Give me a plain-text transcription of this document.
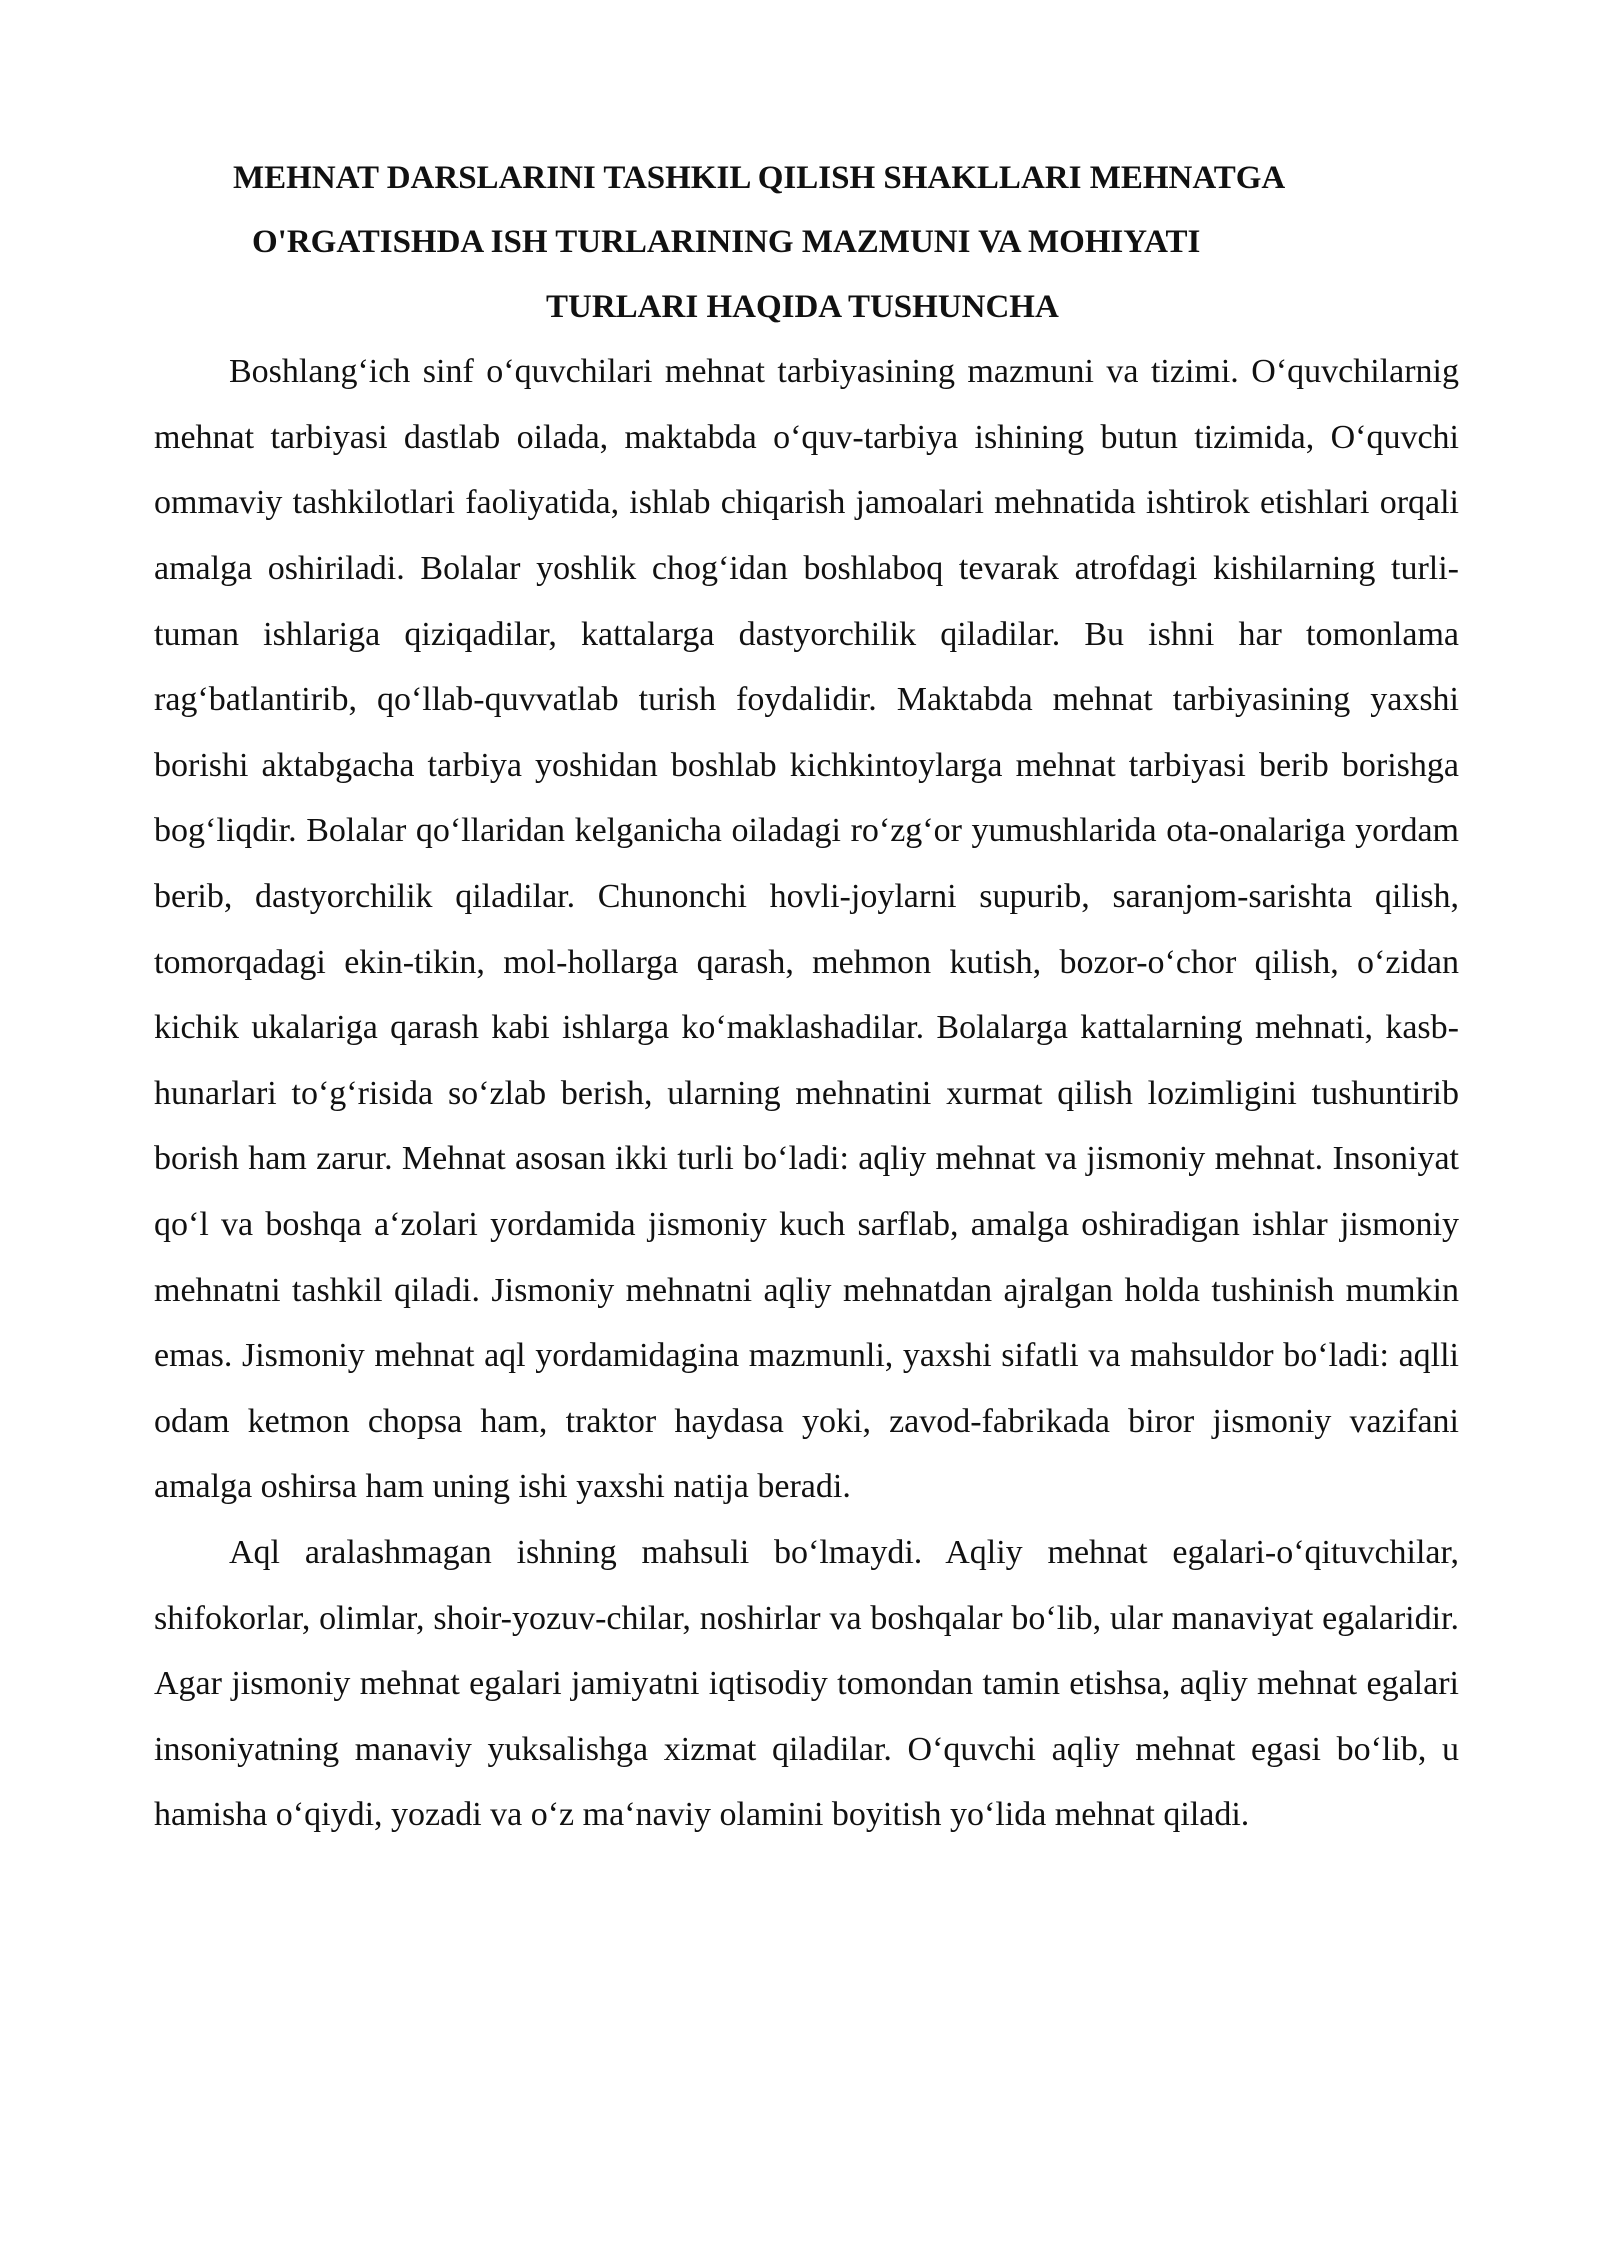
MEHNAT DARSLARINI TASHKIL QILISH SHAKLLARI MEHNATGA
O'RGATISHDA ISH TURLARINING MAZMUNI VA MOHIYATI
TURLARI HAQIDA TUSHUNCHA

Boshlang‘ich sinf o‘quvchilari mehnat tarbiyasining mazmuni va tizimi. O‘quvchilarnig mehnat tarbiyasi dastlab oilada, maktabda o‘quv-tarbiya ishining butun tizimida, O‘quvchi ommaviy tashkilotlari faoliyatida, ishlab chiqarish jamoalari mehnatida ishtirok etishlari orqali amalga oshiriladi. Bolalar yoshlik chog‘idan boshlaboq tevarak atrofdagi kishilarning turli-tuman ishlariga qiziqadilar, kattalarga dastyorchilik qiladilar. Bu ishni har tomonlama rag‘batlantirib, qo‘llab-quvvatlab turish foydalidir. Maktabda mehnat tarbiyasining yaxshi borishi aktabgacha tarbiya yoshidan boshlab kichkintoylarga mehnat tarbiyasi berib borishga bog‘liqdir. Bolalar qo‘llaridan kelganicha oiladagi ro‘zg‘or yumushlarida ota-onalariga yordam berib, dastyorchilik qiladilar. Chunonchi hovli-joylarni supurib, saranjom-sarishta qilish, tomorqadagi ekin-tikin, mol-hollarga qarash, mehmon kutish, bozor-o‘chor qilish, o‘zidan kichik ukalariga qarash kabi ishlarga ko‘maklashadilar. Bolalarga kattalarning mehnati, kasb-hunarlari to‘g‘risida so‘zlab berish, ularning mehnatini xurmat qilish lozimligini tushuntirib borish ham zarur. Mehnat asosan ikki turli bo‘ladi: aqliy mehnat va jismoniy mehnat. Insoniyat qo‘l va boshqa a‘zolari yordamida jismoniy kuch sarflab, amalga oshiradigan ishlar jismoniy mehnatni tashkil qiladi. Jismoniy mehnatni aqliy mehnatdan ajralgan holda tushinish mumkin emas. Jismoniy mehnat aql yordamidagina mazmunli, yaxshi sifatli va mahsuldor bo‘ladi: aqlli odam ketmon chopsa ham, traktor haydasa yoki, zavod-fabrikada biror jismoniy vazifani amalga oshirsa ham uning ishi yaxshi natija beradi.

Aql aralashmagan ishning mahsuli bo‘lmaydi. Aqliy mehnat egalari-o‘qituvchilar, shifokorlar, olimlar, shoir-yozuv-chilar, noshirlar va boshqalar bo‘lib, ular manaviyat egalaridir. Agar jismoniy mehnat egalari jamiyatni iqtisodiy tomondan tamin etishsa, aqliy mehnat egalari insoniyatning manaviy yuksalishga xizmat qiladilar. O‘quvchi aqliy mehnat egasi bo‘lib, u hamisha o‘qiydi, yozadi va o‘z ma‘naviy olamini boyitish yo‘lida mehnat qiladi.
